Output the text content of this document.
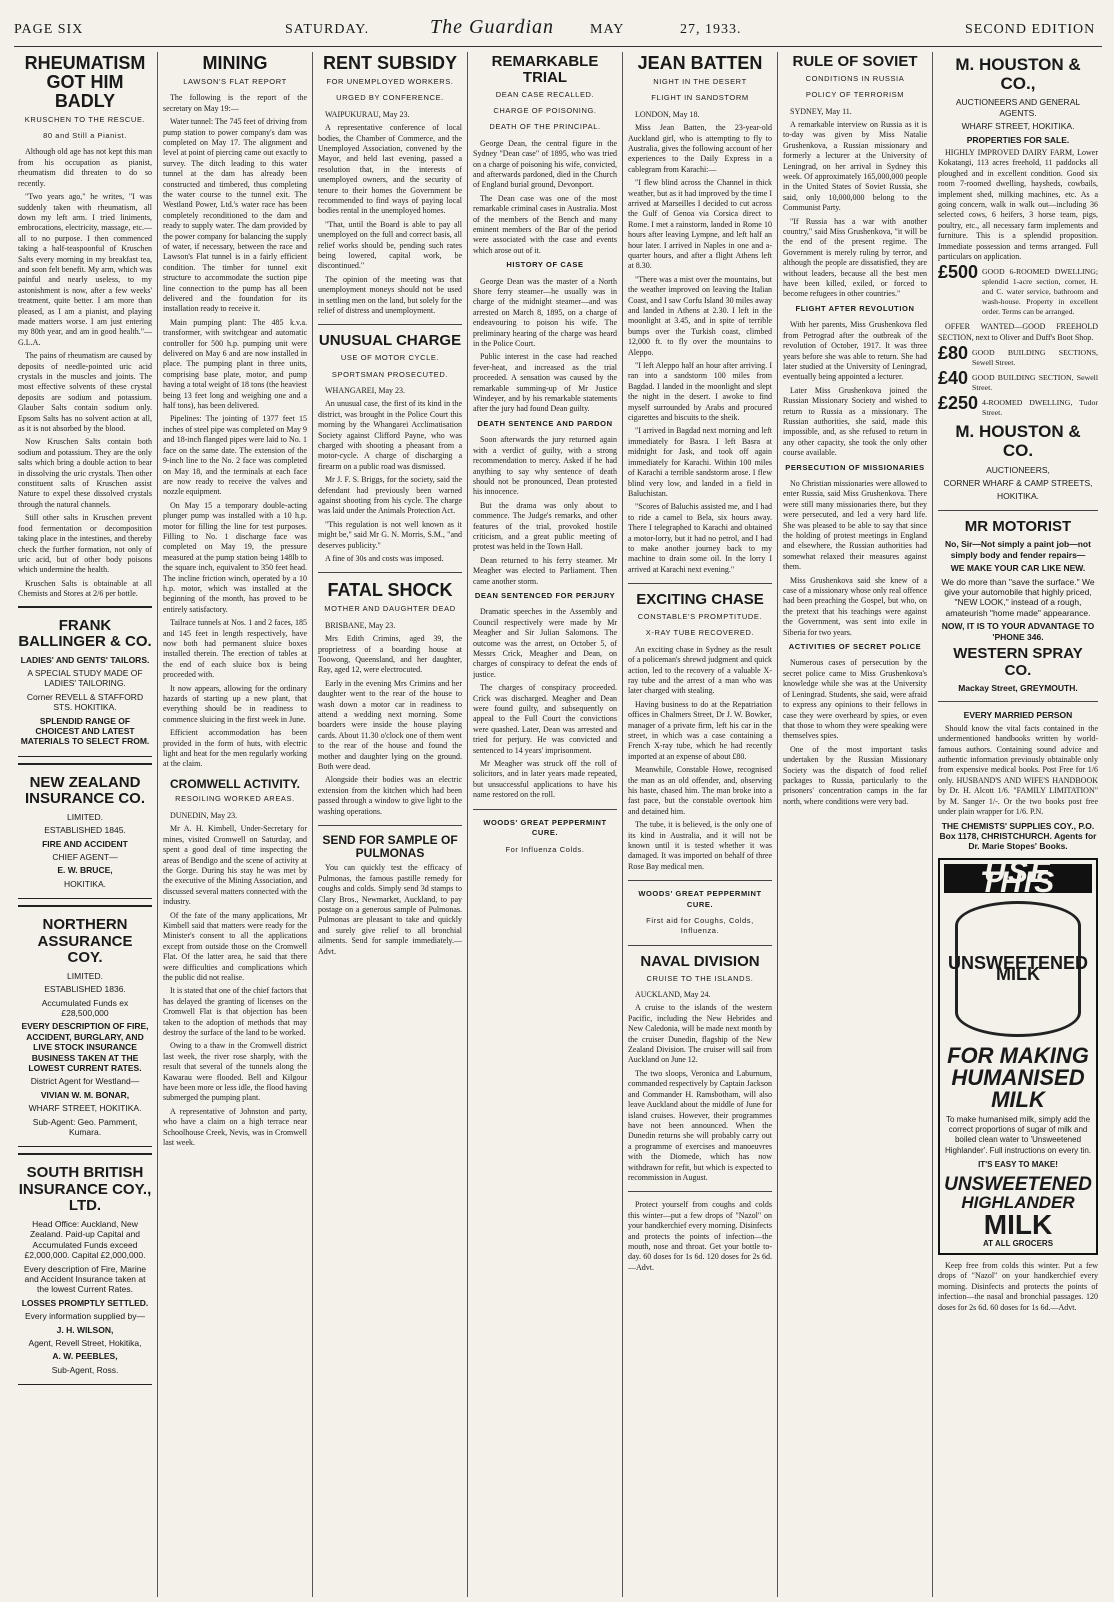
PAGE SIX	SATURDAY.	The Guardian	MAY	27, 1933.	SECOND EDITION
RHEUMATISM GOT HIM BADLY
KRUSCHEN TO THE RESCUE.
80 and Still a Pianist.

Although old age has not kept this man from his occupation as pianist, rheumatism did threaten to do so recently.

"Two years ago," he writes, "I was suddenly taken with rheumatism, all down my left arm. I tried liniments, embrocations, electricity, massage, etc.—all to no purpose. I then commenced taking a half-teaspoonful of Kruschen Salts every morning in my breakfast tea, and soon felt benefit. My arm, which was painful and nearly useless, to my astonishment is now, after a few weeks' treatment, quite better. I am more than pleased, as I am a pianist, and playing made matters worse. I am just entering my 80th year, and am in good health."—G.L.A.

The pains of rheumatism are caused by deposits of needle-pointed uric acid crystals in the muscles and joints. The most effective solvents of these crystal deposits are sodium and potassium. Glauber Salts contain sodium only. Epsom Salts has no solvent action at all, as it is not absorbed by the blood.

Now Kruschen Salts contain both sodium and potassium. They are the only salts which bring a double action to bear in dissolving the uric crystals. Then other constituent salts of Kruschen assist Nature to expel these dissolved crystals through the natural channels.

Still other salts in Kruschen prevent food fermentation or decomposition taking place in the intestines, and thereby check the further formation, not only of uric acid, but of other body poisons which undermine the health.

Kruschen Salts is obtainable at all Chemists and Stores at 2/6 per bottle.

FRANK BALLINGER & CO.
LADIES' AND GENTS' TAILORS.
A SPECIAL STUDY MADE OF LADIES' TAILORING.
Corner REVELL & STAFFORD STS. HOKITIKA.
SPLENDID RANGE OF CHOICEST AND LATEST MATERIALS TO SELECT FROM.
NEW ZEALAND INSURANCE CO.
LIMITED.
ESTABLISHED 1845.
FIRE AND ACCIDENT
CHIEF AGENT—
E. W. BRUCE,
HOKITIKA.
NORTHERN ASSURANCE COY.
LIMITED.
ESTABLISHED 1836.
Accumulated Funds ex £28,500,000
EVERY DESCRIPTION OF FIRE, ACCIDENT, BURGLARY, AND LIVE STOCK INSURANCE BUSINESS TAKEN AT THE LOWEST CURRENT RATES.
District Agent for Westland—
VIVIAN W. M. BONAR,
WHARF STREET, HOKITIKA.
Sub-Agent: Geo. Pamment, Kumara.
SOUTH BRITISH INSURANCE COY., LTD.
Head Office: Auckland, New Zealand. Paid-up Capital and Accumulated Funds exceed £2,000,000. Capital £2,000,000.
Every description of Fire, Marine and Accident Insurance taken at the lowest Current Rates.
LOSSES PROMPTLY SETTLED.
Every information supplied by—
J. H. WILSON,
Agent, Revell Street, Hokitika,
A. W. PEEBLES,
Sub-Agent, Ross.
MINING
LAWSON'S FLAT REPORT

The following is the report of the secretary on May 19:—

Water tunnel: The 745 feet of driving from pump station to power company's dam was completed on May 17. The alignment and level at point of piercing came out exactly to survey. The ditch leading to this water tunnel at the dam has already been constructed and timbered, thus completing the water course to the tunnel exit. The Westland Power, Ltd.'s water race has been completely reconditioned to the dam and ready to supply water. The dam provided by the power company for balancing the supply of water, if necessary, between the race and Lawson's Flat tunnel is in a fairly efficient condition. The timber for tunnel exit structure to accommodate the suction pipe line connection to the pump has all been delivered and the foundation for its installation ready to receive it.

Main pumping plant: The 485 k.v.a. transformer, with switchgear and automatic controller for 500 h.p. pumping unit were delivered on May 6 and are now installed in place. The pumping plant in three units, comprising base plate, motor, and pump having a total weight of 18 tons (the heaviest being 13 feet long and weighing one and a half tons), has been delivered.

Pipelines: The jointing of 1377 feet 15 inches of steel pipe was completed on May 9 and 18-inch flanged pipes were laid to No. 1 face on the same date. The extension of the 9-inch line to the No. 2 face was completed on May 18, and the terminals at each face are now ready to receive the valves and nozzle equipment.

On May 15 a temporary double-acting plunger pump was installed with a 10 h.p. motor for filling the line for test purposes. Filling to No. 1 discharge face was completed on May 19, the pressure measured at the pump station being 148lb to the square inch, equivalent to 350 feet head. The incline friction winch, operated by a 10 h.p. motor, which was installed at the beginning of the month, has proved to be entirely satisfactory.

Tailrace tunnels at Nos. 1 and 2 faces, 185 and 145 feet in length respectively, have now both had permanent sluice boxes installed therein. The erection of tables at the end of each sluice box is being proceeded with.

It now appears, allowing for the ordinary hazards of starting up a new plant, that everything should be in readiness to commence sluicing in the first week in June.

Efficient accommodation has been provided in the form of huts, with electric light and heat for the men regularly working at the claim.

CROMWELL ACTIVITY.
RESOILING WORKED AREAS.

DUNEDIN, May 23.

Mr A. H. Kimbell, Under-Secretary for mines, visited Cromwell on Saturday, and spent a good deal of time inspecting the areas of Bendigo and the scene of activity at the Gorge. During his stay he was met by the executive of the Mining Association, and discussed several matters connected with the industry.

Of the fate of the many applications, Mr Kimbell said that matters were ready for the Minister's consent to all the applications except from outside those on the Cromwell Flat. Of the latter area, he said that there were difficulties and complications which the public did not realise.

It is stated that one of the chief factors that has delayed the granting of licenses on the Cromwell Flat is that objection has been taken to the adoption of methods that may destroy the surface of the land to be worked.

Owing to a thaw in the Cromwell district last week, the river rose sharply, with the result that several of the tunnels along the Kawarau were flooded. Bell and Kilgour have been more or less idle, the flood having submerged the pumping plant.

A representative of Johnston and party, who have a claim on a high terrace near Schoolhouse Creek, Nevis, was in Cromwell last week.

RENT SUBSIDY
FOR UNEMPLOYED WORKERS.
URGED BY CONFERENCE.

WAIPUKURAU, May 23.

A representative conference of local bodies, the Chamber of Commerce, and the Unemployed Association, convened by the Mayor, and held last evening, passed a resolution that, in the interests of unemployed owners, and the security of tenure to their homes the Government be recommended to find ways of paying local bodies rental in the unemployed homes.

"That, until the Board is able to pay all unemployed on the full and correct basis, all relief works should be, pending such rates being lowered, capital work, be discontinued."

The opinion of the meeting was that unemployment moneys should not be used in settling men on the land, but solely for the relief of distress and unemployment.

UNUSUAL CHARGE
USE OF MOTOR CYCLE.
SPORTSMAN PROSECUTED.

WHANGAREI, May 23.

An unusual case, the first of its kind in the district, was brought in the Police Court this morning by the Whangarei Acclimatisation Society against Clifford Payne, who was charged with shooting a pheasant from a motor-cycle. A charge of discharging a firearm on a public road was dismissed.

Mr J. F. S. Briggs, for the society, said the defendant had previously been warned against shooting from his cycle. The charge was laid under the Animals Protection Act.

"This regulation is not well known as it might be," said Mr G. N. Morris, S.M., "and deserves publicity."

A fine of 30s and costs was imposed.

FATAL SHOCK
MOTHER AND DAUGHTER DEAD

BRISBANE, May 23.

Mrs Edith Crimins, aged 39, the proprietress of a boarding house at Toowong, Queensland, and her daughter, Ray, aged 12, were electrocuted.

Early in the evening Mrs Crimins and her daughter went to the rear of the house to wash down a motor car in readiness to attend a wedding next morning. Some boarders were inside the house playing cards. About 11.30 o'clock one of them went to the rear of the house and found the mother and daughter lying on the ground. Both were dead.

Alongside their bodies was an electric extension from the kitchen which had been passed through a window to give light to the washing operations.

SEND FOR SAMPLE OF PULMONAS

You can quickly test the efficacy of Pulmonas, the famous pastille remedy for coughs and colds. Simply send 3d stamps to Clary Bros., Newmarket, Auckland, to pay postage on a generous sample of Pulmonas. Pulmonas are pleasant to take and quickly and surely give relief to all bronchial ailments. Send for sample immediately.—Advt.

REMARKABLE TRIAL
DEAN CASE RECALLED.
CHARGE OF POISONING.
DEATH OF THE PRINCIPAL.

George Dean, the central figure in the Sydney "Dean case" of 1895, who was tried on a charge of poisoning his wife, convicted, and afterwards pardoned, died in the Church of England burial ground, Devonport.

The Dean case was one of the most remarkable criminal cases in Australia. Most of the members of the Bench and many eminent members of the Bar of the period were associated with the case and events which arose out of it.

HISTORY OF CASE

George Dean was the master of a North Shore ferry steamer—he usually was in charge of the midnight steamer—and was arrested on March 8, 1895, on a charge of endeavouring to poison his wife. The preliminary hearing of the charge was heard in the Police Court.

Public interest in the case had reached fever-heat, and increased as the trial proceeded. A sensation was caused by the remarkable summing-up of Mr Justice Windeyer, and by his remarkable statements after the jury had found Dean guilty.

DEATH SENTENCE AND PARDON

Soon afterwards the jury returned again with a verdict of guilty, with a strong recommendation to mercy. Asked if he had anything to say why sentence of death should not be pronounced, Dean protested his innocence.

But the drama was only about to commence. The Judge's remarks, and other features of the trial, provoked hostile criticism, and a great public meeting of protest was held in the Town Hall.

Dean returned to his ferry steamer. Mr Meagher was elected to Parliament. Then came another storm.

DEAN SENTENCED FOR PERJURY

Dramatic speeches in the Assembly and Council respectively were made by Mr Meagher and Sir Julian Salomons. The outcome was the arrest, on October 5, of Messrs Crick, Meagher and Dean, on charges of conspiracy to defeat the ends of justice.

The charges of conspiracy proceeded. Crick was discharged. Meagher and Dean were found guilty, and subsequently on appeal to the Full Court the convictions were quashed. Later, Dean was arrested and tried for perjury. He was convicted and sentenced to 14 years' imprisonment.

Mr Meagher was struck off the roll of solicitors, and in later years made repeated, but unsuccessful applications to have his name restored on the roll.

WOODS' GREAT PEPPERMINT CURE.
For Influenza Colds.
JEAN BATTEN
NIGHT IN THE DESERT
FLIGHT IN SANDSTORM

LONDON, May 18.

Miss Jean Batten, the 23-year-old Auckland girl, who is attempting to fly to Australia, gives the following account of her experiences to the Daily Express in a cablegram from Karachi:—

"I flew blind across the Channel in thick weather, but as it had improved by the time I arrived at Marseilles I decided to cut across the Gulf of Genoa via Corsica direct to Rome. I met a rainstorm, landed in Rome 10 hours after leaving Lympne, and left half an hour later. I arrived in Naples in one and a-quarter hours, and after a flight Athens left at 8.30.

"There was a mist over the mountains, but the weather improved on leaving the Italian Coast, and I saw Corfu Island 30 miles away and landed in Athens at 2.30. I left in the moonlight at 3.45, and in spite of terrible bumps over the Turkish coast, climbed 12,000 ft. to fly over the mountains to Aleppo.

"I left Aleppo half an hour after arriving. I ran into a sandstorm 100 miles from Bagdad. I landed in the moonlight and slept the night in the desert. I awoke to find myself surrounded by Arabs and procured cigarettes and biscuits to the sheik.

"I arrived in Bagdad next morning and left immediately for Basra. I left Basra at midnight for Jask, and took off again immediately for Karachi. Within 100 miles of Karachi a terrible sandstorm arose. I flew blind very low, and landed in a field in Baluchistan.

"Scores of Baluchis assisted me, and I had to ride a camel to Bela, six hours away. There I telegraphed to Karachi and obtained a motor-lorry, but it had no petrol, and I had to make another journey back to my machine to drain some oil. In the lorry I arrived at Karachi next evening."

EXCITING CHASE
CONSTABLE'S PROMPTITUDE.
X-RAY TUBE RECOVERED.

An exciting chase in Sydney as the result of a policeman's shrewd judgment and quick action, led to the recovery of a valuable X-ray tube and the arrest of a man who was later charged with stealing.

Having business to do at the Repatriation offices in Chalmers Street, Dr J. W. Bowker, manager of a private firm, left his car in the street, in which was a case containing a French X-ray tube, which he had recently imported at an expense of about £80.

Meanwhile, Constable Howe, recognised the man as an old offender, and, observing his haste, chased him. The man broke into a fast pace, but the constable overtook him and detained him.

The tube, it is believed, is the only one of its kind in Australia, and it will not be known until it is tested whether it was damaged. It was imported on behalf of three Rose Bay medical men.

WOODS' GREAT PEPPERMINT CURE.
First aid for Coughs, Colds, Influenza.
NAVAL DIVISION
CRUISE TO THE ISLANDS.

AUCKLAND, May 24.

A cruise to the islands of the western Pacific, including the New Hebrides and New Caledonia, will be made next month by the cruiser Dunedin, flagship of the New Zealand Division. The cruiser will sail from Auckland on June 12.

The two sloops, Veronica and Laburnum, commanded respectively by Captain Jackson and Commander H. Ramsbotham, will also leave Auckland about the middle of June for island cruises. However, their programmes have not been announced. When the Dunedin returns she will probably carry out a programme of exercises and manoeuvres with the Diomede, which has now withdrawn for refit, but which is expected to recommission in August.

Protect yourself from coughs and colds this winter—put a few drops of "Nazol" on your handkerchief every morning. Disinfects and protects the points of infection—the mouth, nose and throat. Get your bottle to-day. 60 doses for 1s 6d. 120 doses for 2s 6d.—Advt.

RULE OF SOVIET
CONDITIONS IN RUSSIA
POLICY OF TERRORISM

SYDNEY, May 11.

A remarkable interview on Russia as it is to-day was given by Miss Natalie Grushenkova, a Russian missionary and formerly a lecturer at the University of Leningrad, on her arrival in Sydney this week. Of approximately 165,000,000 people in the United States of Soviet Russia, she said, only 10,000,000 belong to the Communist Party.

"If Russia has a war with another country," said Miss Grushenkova, "it will be the end of the present regime. The Government is merely ruling by terror, and although the people are dissatisfied, they are without leaders, because all the best men have been killed, exiled, or forced to become refugees in other countries."

FLIGHT AFTER REVOLUTION

With her parents, Miss Grushenkova fled from Petrograd after the outbreak of the revolution of October, 1917. It was three years before she was able to return. She had later studied at the University of Leningrad, eventually being appointed a lecturer.

Later Miss Grushenkova joined the Russian Missionary Society and wished to return to Russia as a missionary. The Russian authorities, she said, made this impossible, and, as she refused to return in any other capacity, she took the only other course available.

PERSECUTION OF MISSIONARIES

No Christian missionaries were allowed to enter Russia, said Miss Grushenkova. There were still many missionaries there, but they were persecuted, and led a very hard life. She was pleased to be able to say that since the holding of protest meetings in England and elsewhere, the Russian authorities had somewhat relaxed their measures against them.

Miss Grushenkova said she knew of a case of a missionary whose only real offence had been preaching the Gospel, but who, on the pretext that his teachings were against the Government, was sent into exile in Siberia for two years.

ACTIVITIES OF SECRET POLICE

Numerous cases of persecution by the secret police came to Miss Grushenkova's knowledge while she was at the University of Leningrad. Students, she said, were afraid to express any opinions to their fellows in case they were overheard by spies, or even that those to whom they were speaking were themselves spies.

One of the most important tasks undertaken by the Russian Missionary Society was the dispatch of food relief packages to Russia, particularly to the prisoners' concentration camps in the far north, where conditions were very bad.

M. HOUSTON & CO.,
AUCTIONEERS AND GENERAL AGENTS.
WHARF STREET, HOKITIKA.
PROPERTIES FOR SALE.

HIGHLY IMPROVED DAIRY FARM, Lower Kokatangi, 113 acres freehold, 11 paddocks all ploughed and in excellent condition. Good six room 7-roomed dwelling, haysheds, cowbails, implement shed, milking machines, etc. As a going concern, walk in walk out—including 36 selected cows, 6 heifers, 3 horse team, pigs, poultry, etc., all necessary farm implements and furniture. This is a splendid proposition. Immediate possession and terms arranged. Full particulars on application.

£500 GOOD 6-ROOMED DWELLING; splendid 1-acre section, corner, H. and C. water service, bathroom and wash-house. Property in excellent order. Terms can be arranged.

OFFER WANTED—GOOD FREEHOLD SECTION, next to Oliver and Duff's Boot Shop.

£80 GOOD BUILDING SECTIONS, Sewell Street.
£40 GOOD BUILDING SECTION, Sewell Street.
£250 4-ROOMED DWELLING, Tudor Street.
M. HOUSTON & CO.
AUCTIONEERS,
CORNER WHARF & CAMP STREETS,
HOKITIKA.
MR MOTORIST
No, Sir—Not simply a paint job—not simply body and fender repairs—
WE MAKE YOUR CAR LIKE NEW.
We do more than "save the surface." We give your automobile that highly priced, "NEW LOOK," instead of a rough, amateurish "home made" appearance.
NOW, IT IS TO YOUR ADVANTAGE TO 'PHONE 346.
WESTERN SPRAY CO.
Mackay Street, GREYMOUTH.
EVERY MARRIED PERSON

Should know the vital facts contained in the undermentioned handbooks written by world-famous authors. Containing sound advice and authentic information previously obtainable only from expensive medical books. Post Free for 1/6 only. HUSBAND'S AND WIFE'S HANDBOOK by Dr. H. Alcott 1/6. "FAMILY LIMITATION" by M. Sanger 1/-. Or the two books post free under plain wrapper for 1/6. P.N.

THE CHEMISTS' SUPPLIES COY., P.O. Box 1178, CHRISTCHURCH. Agents for Dr. Marie Stopes' Books.
USE THIS
UNSWEETENED MILK
FOR MAKING HUMANISED MILK
To make humanised milk, simply add the correct proportions of sugar of milk and boiled clean water to 'Unsweetened Highlander'. Full instructions on every tin.
IT'S EASY TO MAKE!
UNSWEETENED
HIGHLANDER
MILK
AT ALL GROCERS

Keep free from colds this winter. Put a few drops of "Nazol" on your handkerchief every morning. Disinfects and protects the points of infection—the nasal and bronchial passages. 120 doses for 2s 6d. 60 doses for 1s 6d.—Advt.
